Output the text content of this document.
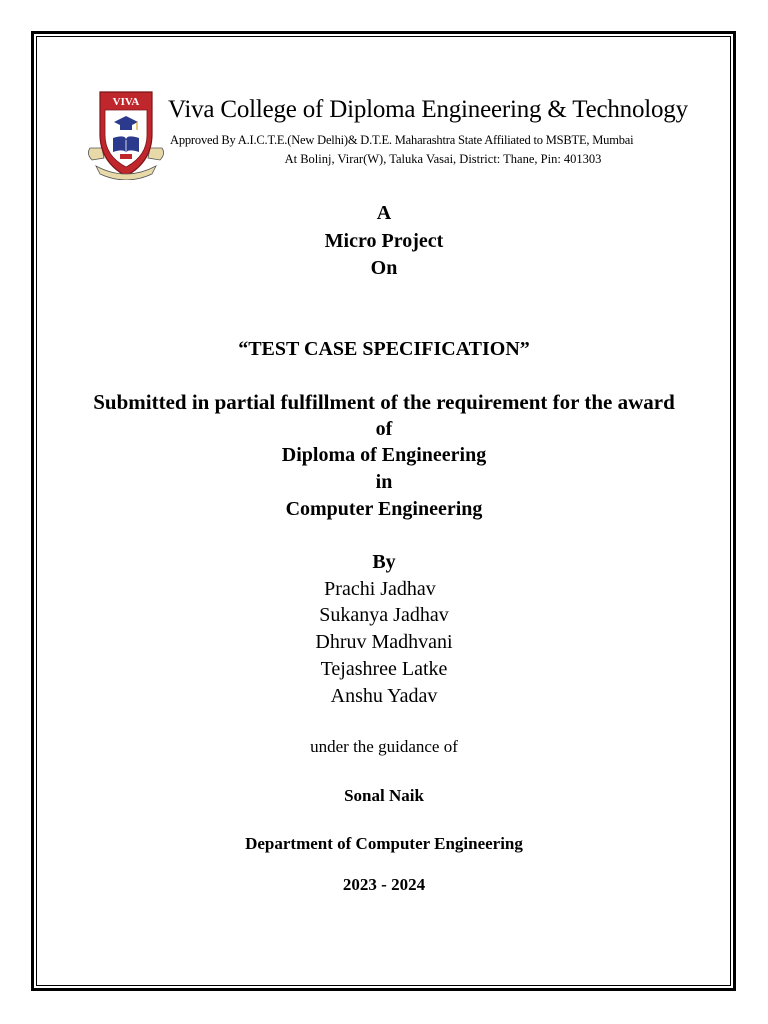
VIVA Viva College of Diploma Engineering & Technology
Approved By A.I.C.T.E.(New Delhi)& D.T.E. Maharashtra State Affiliated to MSBTE, Mumbai
At Bolinj, Virar(W), Taluka Vasai, District: Thane, Pin: 401303
A
Micro Project
On
“TEST CASE SPECIFICATION”
Submitted in partial fulfillment of the requirement for the award
of
Diploma of Engineering
in
Computer Engineering
By
Prachi Jadhav
Sukanya Jadhav
Dhruv Madhvani
Tejashree Latke
Anshu Yadav
under the guidance of
Sonal Naik
Department of Computer Engineering
2023 - 2024
